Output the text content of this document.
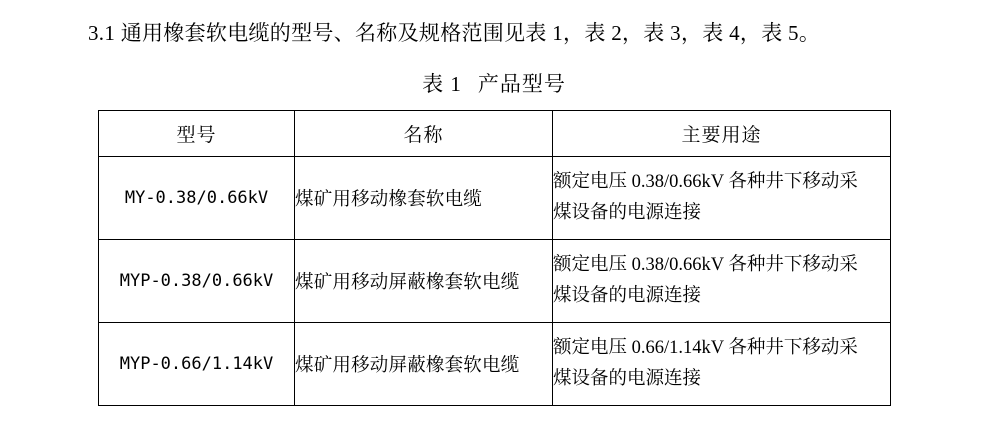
3.1 通用橡套软电缆的型号、名称及规格范围见表 1，表 2，表 3，表 4，表 5。
表 1 产品型号
型号	名称	主要用途
MY-0.38/0.66kV	煤矿用移动橡套软电缆	额定电压 0.38/0.66kV 各种井下移动采
煤设备的电源连接

MYP-0.38/0.66kV	煤矿用移动屏蔽橡套软电缆	额定电压 0.38/0.66kV 各种井下移动采
煤设备的电源连接

MYP-0.66/1.14kV	煤矿用移动屏蔽橡套软电缆	额定电压 0.66/1.14kV 各种井下移动采
煤设备的电源连接
